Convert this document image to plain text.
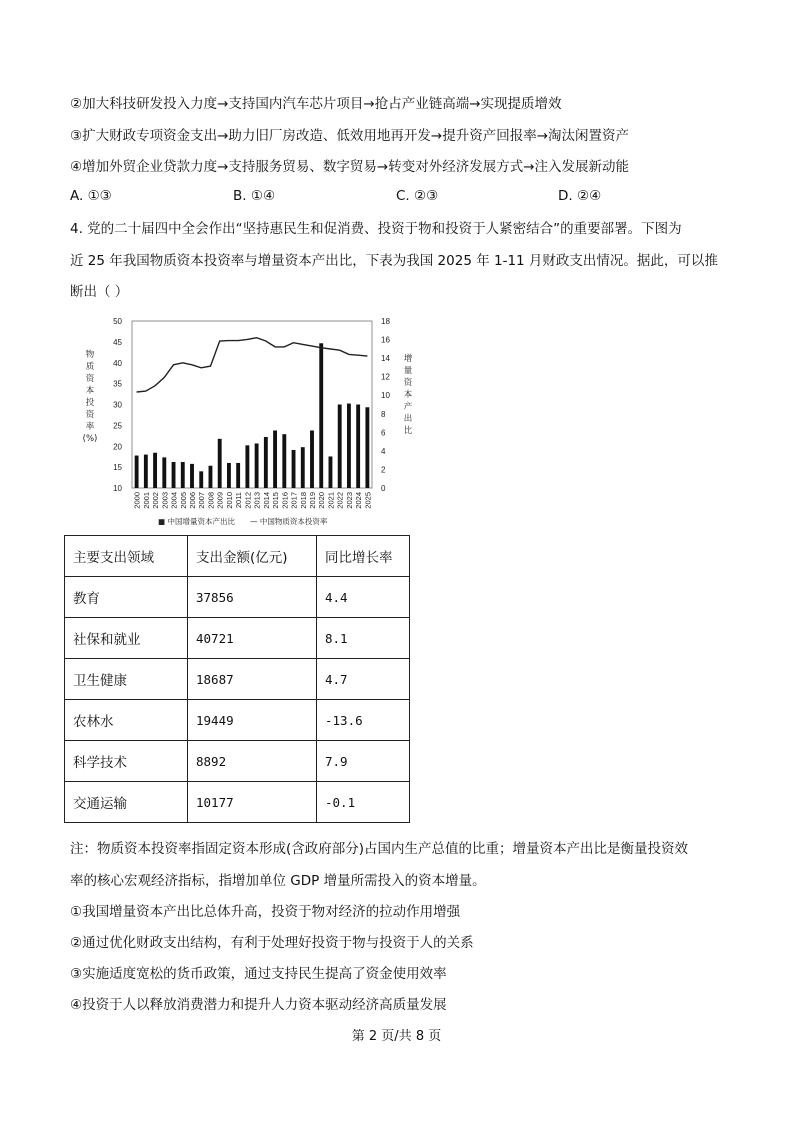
②加大科技研发投入力度→支持国内汽车芯片项目→抢占产业链高端→实现提质增效
③扩大财政专项资金支出→助力旧厂房改造、低效用地再开发→提升资产回报率→淘汰闲置资产
④增加外贸企业贷款力度→支持服务贸易、数字贸易→转变对外经济发展方式→注入发展新动能
A. ①③	B. ①④	C. ②③	D. ②④
4. 党的二十届四中全会作出“坚持惠民生和促消费、投资于物和投资于人紧密结合”的重要部署。下图为
近 25 年我国物质资本投资率与增量资本产出比，下表为我国 2025 年 1-11 月财政支出情况。据此，可以推
断出（ ）
10
15
20
25
30
35
40
45
50
0
2
4
6
8
10
12
14
16
18
物
质
资
本
投
资
率
(%)
增
量
资
本
产
出
比
2000 2001 2002 2003 2004 2005 2006 2007 2008 2009 2010 2011 2012 2013 2014 2015 2016 2017 2018 2019 2020 2021 2022 2023 2024 2025
■ 中国增量资本产出比 — 中国物质资本投资率
主要支出领域	支出金额(亿元)	同比增长率
教育	37856	4.4
社保和就业	40721	8.1
卫生健康	18687	4.7
农林水	19449	-13.6
科学技术	8892	7.9
交通运输	10177	-0.1
注：物质资本投资率指固定资本形成(含政府部分)占国内生产总值的比重；增量资本产出比是衡量投资效
率的核心宏观经济指标，指增加单位 GDP 增量所需投入的资本增量。
①我国增量资本产出比总体升高，投资于物对经济的拉动作用增强
②通过优化财政支出结构，有利于处理好投资于物与投资于人的关系
③实施适度宽松的货币政策，通过支持民生提高了资金使用效率
④投资于人以释放消费潜力和提升人力资本驱动经济高质量发展
第 2 页/共 8 页
